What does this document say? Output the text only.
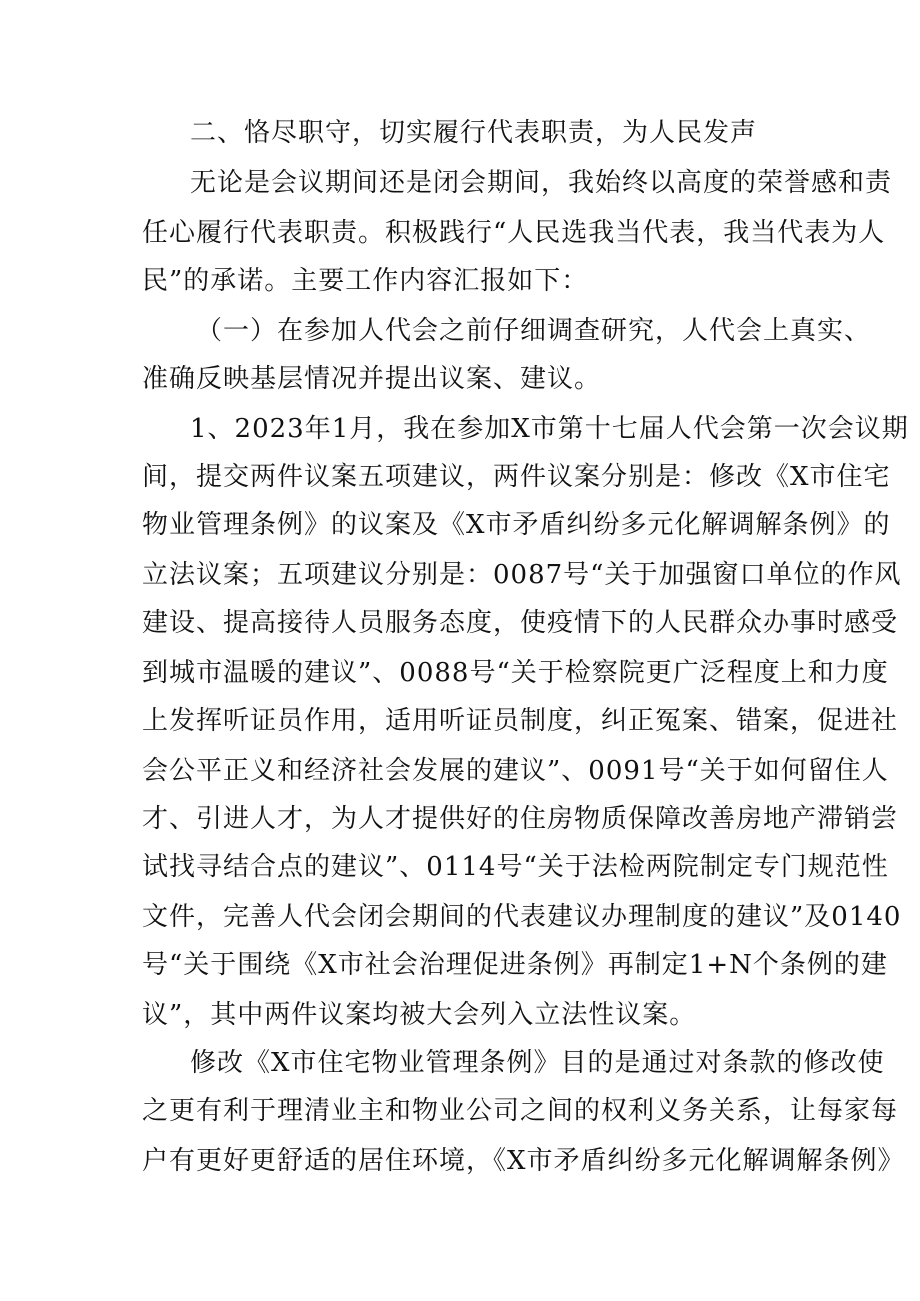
二、恪尽职守，切实履行代表职责，为人民发声
无论是会议期间还是闭会期间，我始终以高度的荣誉感和责
任心履行代表职责。积极践行“人民选我当代表，我当代表为人
民”的承诺。主要工作内容汇报如下：
（一）在参加人代会之前仔细调查研究，人代会上真实、
准确反映基层情况并提出议案、建议。
1、2023年1月，我在参加X市第十七届人代会第一次会议期
间，提交两件议案五项建议，两件议案分别是：修改《X市住宅
物业管理条例》的议案及《X市矛盾纠纷多元化解调解条例》的
立法议案；五项建议分别是：0087号“关于加强窗口单位的作风
建设、提高接待人员服务态度，使疫情下的人民群众办事时感受
到城市温暖的建议”、0088号“关于检察院更广泛程度上和力度
上发挥听证员作用，适用听证员制度，纠正冤案、错案，促进社
会公平正义和经济社会发展的建议”、0091号“关于如何留住人
才、引进人才，为人才提供好的住房物质保障改善房地产滞销尝
试找寻结合点的建议”、0114号“关于法检两院制定专门规范性
文件，完善人代会闭会期间的代表建议办理制度的建议”及0140
号“关于围绕《X市社会治理促进条例》再制定1+N个条例的建
议”，其中两件议案均被大会列入立法性议案。
修改《X市住宅物业管理条例》目的是通过对条款的修改使
之更有利于理清业主和物业公司之间的权利义务关系，让每家每
户有更好更舒适的居住环境，《X市矛盾纠纷多元化解调解条例》
